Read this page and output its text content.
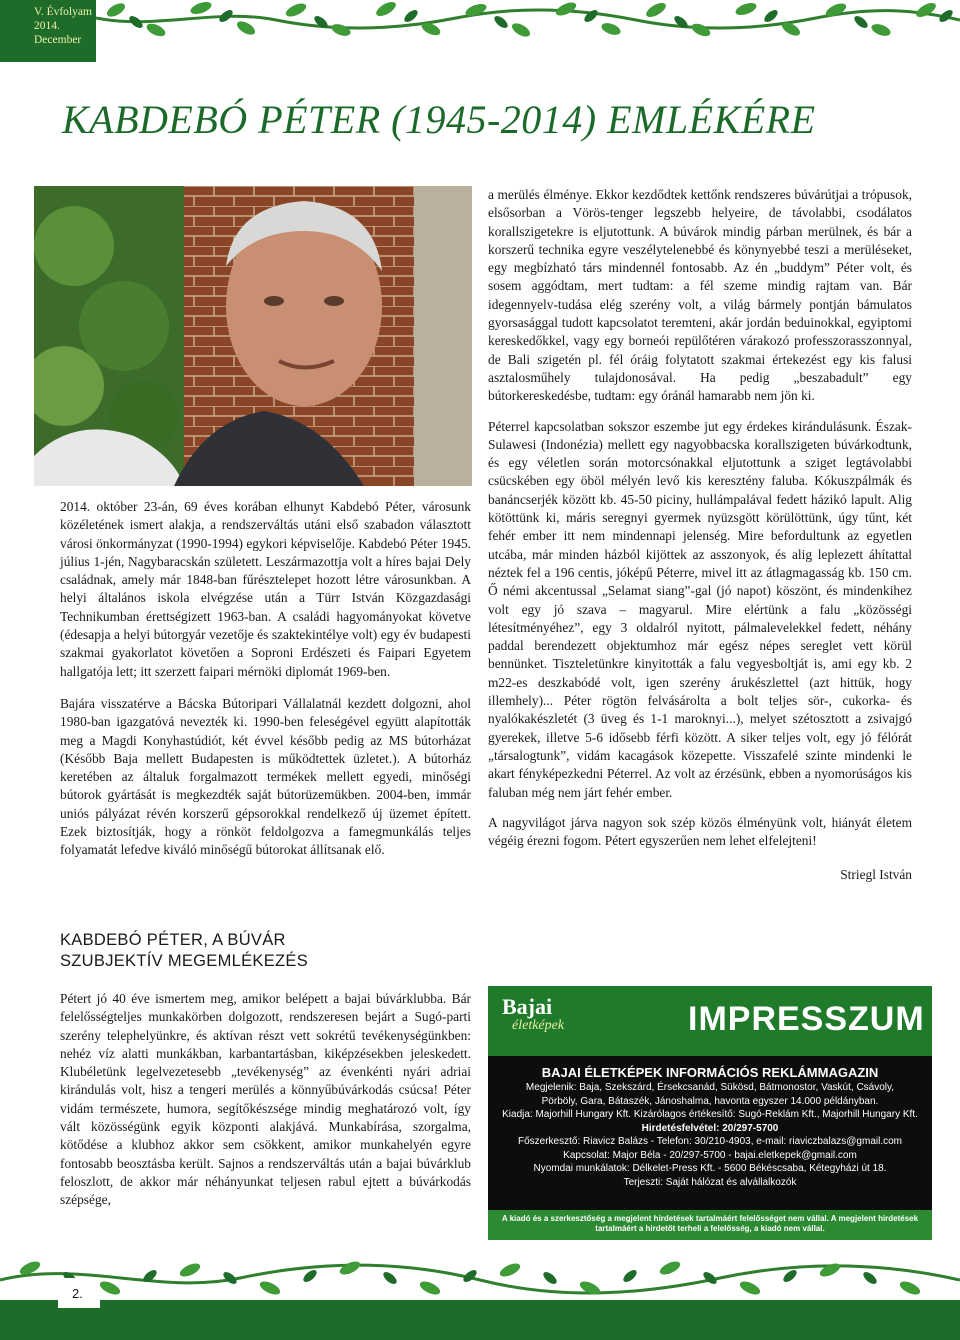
V. Évfolyam
2014. December
KABDEBÓ PÉTER (1945-2014) EMLÉKÉRE

2014. október 23-án, 69 éves korában elhunyt Kabdebó Péter, városunk közéletének ismert alakja, a rendszerváltás utáni első szabadon választott városi önkormányzat (1990-1994) egykori képviselője. Kabdebó Péter 1945. július 1-jén, Nagybaracskán született. Leszármazottja volt a híres bajai Dely családnak, amely már 1848-ban fűrésztelepet hozott létre városunkban. A helyi általános iskola elvégzése után a Türr István Közgazdasági Technikumban érettségizett 1963-ban. A családi hagyományokat követve (édesapja a helyi bútorgyár vezetője és szaktekintélye volt) egy év budapesti szakmai gyakorlatot követően a Soproni Erdészeti és Faipari Egyetem hallgatója lett; itt szerzett faipari mérnöki diplomát 1969-ben.

Bajára visszatérve a Bácska Bútoripari Vállalatnál kezdett dolgozni, ahol 1980-ban igazgatóvá nevezték ki. 1990-ben feleségével együtt alapították meg a Magdi Konyhastúdiót, két évvel később pedig az MS bútorházat (Később Baja mellett Budapesten is működtettek üzletet.). A bútorház keretében az általuk forgalmazott termékek mellett egyedi, minőségi bútorok gyártását is megkezdték saját bútorüzemükben. 2004-ben, immár uniós pályázat révén korszerű gépsorokkal rendelkező új üzemet épített. Ezek biztosítják, hogy a rönköt feldolgozva a famegmunkálás teljes folyamatát lefedve kiváló minőségű bútorokat állítsanak elő.

KABDEBÓ PÉTER, A BÚVÁR
SZUBJEKTÍV MEGEMLÉKEZÉS

Pétert jó 40 éve ismertem meg, amikor belépett a bajai búvárklubba. Bár felelősségteljes munkakörben dolgozott, rendszeresen bejárt a Sugó-parti szerény telephelyünkre, és aktívan részt vett sokrétű tevékenységünkben: nehéz víz alatti munkákban, karbantartásban, kiképzésekben jeleskedett. Klubéletünk legelvezetesebb „tevékenység” az évenkénti nyári adriai kirándulás volt, hisz a tengeri merülés a könnyűbúvárkodás csúcsa! Péter vidám természete, humora, segítőkészsége mindig meghatározó volt, így vált közösségünk egyik központi alakjává. Munkabírása, szorgalma, kötődése a klubhoz akkor sem csökkent, amikor munkahelyén egyre fontosabb beosztásba került. Sajnos a rendszerváltás után a bajai búvárklub feloszlott, de akkor már néhányunkat teljesen rabul ejtett a búvárkodás szépsége,

a merülés élménye. Ekkor kezdődtek kettőnk rendszeres búvárútjai a trópusok, elsősorban a Vörös-tenger legszebb helyeire, de távolabbi, csodálatos korallszigetekre is eljutottunk. A búvárok mindig párban merülnek, és bár a korszerű technika egyre veszélytelenebbé és könynyebbé teszi a merüléseket, egy megbízható társ mindennél fontosabb. Az én „buddym” Péter volt, és sosem aggódtam, mert tudtam: a fél szeme mindig rajtam van. Bár idegennyelv-tudása elég szerény volt, a világ bármely pontján bámulatos gyorsasággal tudott kapcsolatot teremteni, akár jordán beduinokkal, egyiptomi kereskedőkkel, vagy egy borneói repülőtéren várakozó professzorasszonnyal, de Bali szigetén pl. fél óráig folytatott szakmai értekezést egy kis falusi asztalosműhely tulajdonosával. Ha pedig „beszabadult” egy bútorkereskedésbe, tudtam: egy óránál hamarabb nem jön ki.

Péterrel kapcsolatban sokszor eszembe jut egy érdekes kirándulásunk. Észak-Sulawesi (Indonézia) mellett egy nagyobbacska korallszigeten búvárkodtunk, és egy véletlen során motorcsónakkal eljutottunk a sziget legtávolabbi csücskében egy öböl mélyén levő kis keresztény faluba. Kókuszpálmák és banáncserjék között kb. 45-50 piciny, hullámpalával fedett házikó lapult. Alig kötöttünk ki, máris seregnyi gyermek nyüzsgött körülöttünk, úgy tűnt, két fehér ember itt nem mindennapi jelenség. Mire befordultunk az egyetlen utcába, már minden házból kijöttek az asszonyok, és alig leplezett áhítattal néztek fel a 196 centis, jóképű Péterre, mivel itt az átlagmagasság kb. 150 cm. Ő némi akcentussal „Selamat siang”-gal (jó napot) köszönt, és mindenkihez volt egy jó szava – magyarul. Mire elértünk a falu „közösségi létesítményéhez”, egy 3 oldalról nyitott, pálmalevelekkel fedett, néhány paddal berendezett objektumhoz már egész népes sereglet vett körül bennünket. Tiszteletünkre kinyitották a falu vegyesboltját is, ami egy kb. 2 m22-es deszkabódé volt, igen szerény árukészlettel (azt hittük, hogy illemhely)... Péter rögtön felvásárolta a bolt teljes sör-, cukorka- és nyalókakészletét (3 üveg és 1-1 maroknyi...), melyet szétosztott a zsivajgó gyerekek, illetve 5-6 idősebb férfi között. A siker teljes volt, egy jó félórát „társalogtunk”, vidám kacagások közepette. Visszafelé szinte mindenki le akart fényképezkedni Péterrel. Az volt az érzésünk, ebben a nyomorúságos kis faluban még nem járt fehér ember.

A nagyvilágot járva nagyon sok szép közös élményünk volt, hiányát életem végéig érezni fogom. Pétert egyszerűen nem lehet elfelejteni!

Striegl István

Bajai
életképek	IMPRESSZUM
BAJAI ÉLETKÉPEK INFORMÁCIÓS REKLÁMMAGAZIN
Megjelenik: Baja, Szekszárd, Érsekcsanád, Sükösd, Bátmonostor, Vaskút, Csávoly,
Pörböly, Gara, Bátaszék, Jánoshalma, havonta egyszer 14.000 példányban.
Kiadja: Majorhill Hungary Kft. Kizárólagos értékesítő: Sugó-Reklám Kft., Majorhill Hungary Kft.
Hirdetésfelvétel: 20/297-5700
Főszerkesztő: Riavicz Balázs - Telefon: 30/210-4903, e-mail: riaviczbalazs@gmail.com
Kapcsolat: Major Béla - 20/297-5700 - bajai.eletkepek@gmail.com
Nyomdai munkálatok: Délkelet-Press Kft. - 5600 Békéscsaba, Kétegyházi út 18.
Terjeszti: Saját hálózat és alvállalkozók
A kiadó és a szerkesztőség a megjelent hirdetések tartalmáért felelősséget nem vállal. A megjelent hirdetések tartalmáért a hirdetőt terheli a felelősség, a kiadó nem vállal.
2.
